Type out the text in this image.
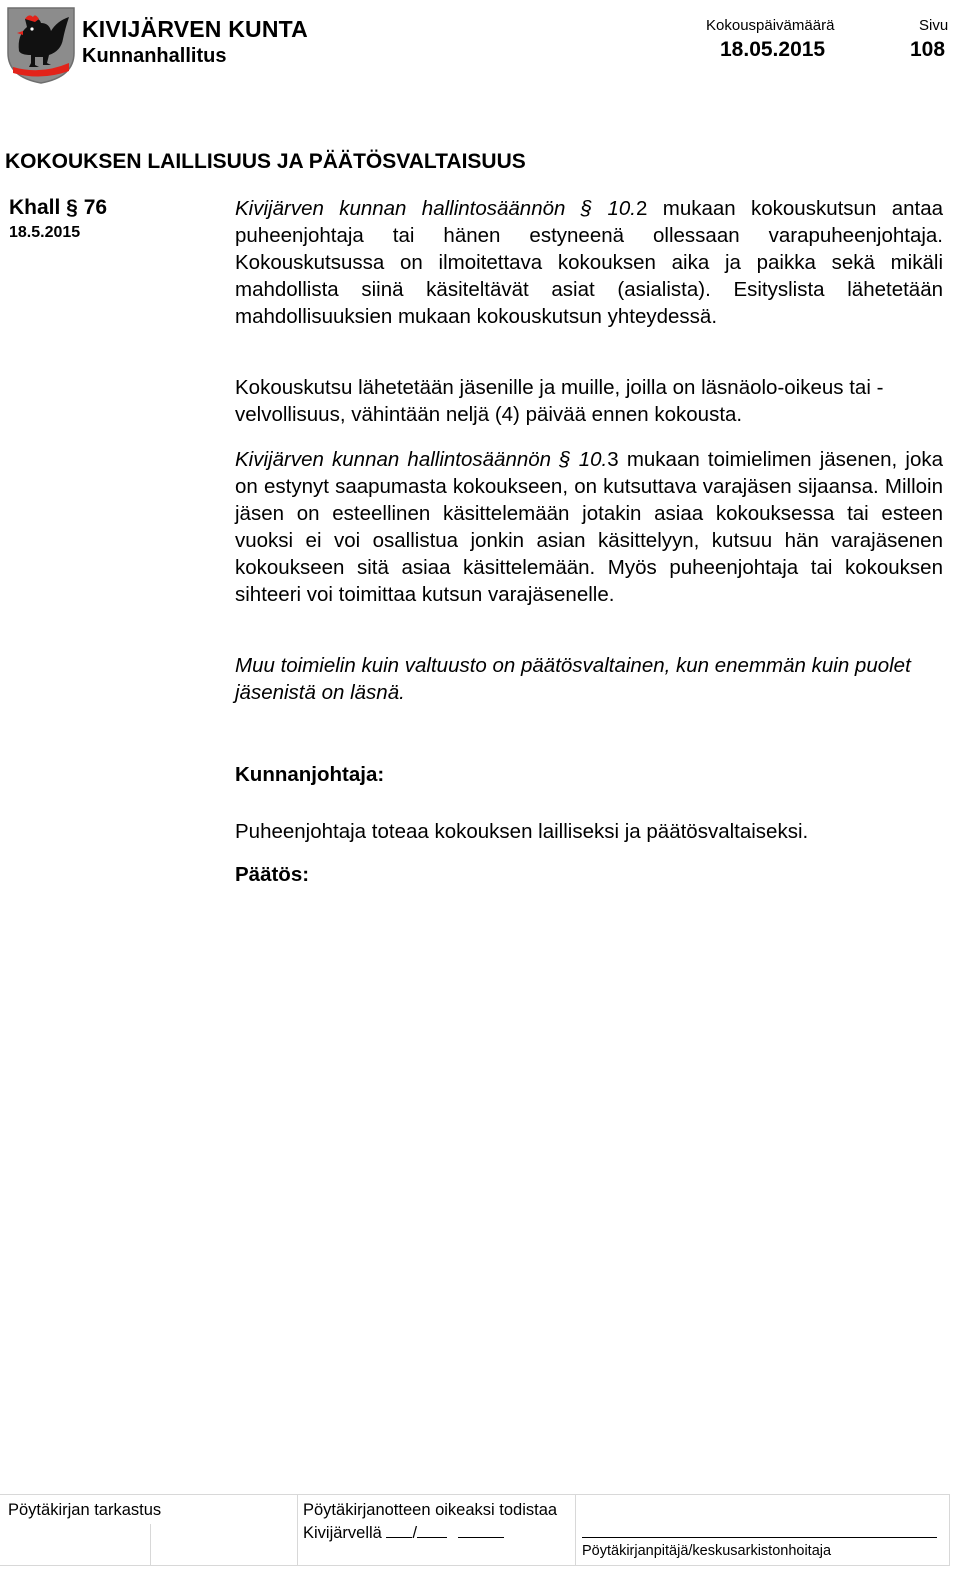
KIVIJÄRVEN KUNTA
Kunnanhallitus
Kokouspäivämäärä
18.05.2015
Sivu
108
KOKOUKSEN LAILLISUUS JA PÄÄTÖSVALTAISUUS
Khall § 76
18.5.2015

Kivijärven kunnan hallintosäännön § 10.2 mukaan kokouskutsun antaa puheenjohtaja tai hänen estyneenä ollessaan varapuheenjohtaja. Kokouskutsussa on ilmoitettava kokouksen aika ja paikka sekä mikäli mahdollista siinä käsiteltävät asiat (asialista). Esityslista lähetetään mahdollisuuksien mukaan kokouskutsun yhteydessä.

Kokouskutsu lähetetään jäsenille ja muille, joilla on läsnäolo-oikeus tai -velvollisuus, vähintään neljä (4) päivää ennen kokousta.

Kivijärven kunnan hallintosäännön § 10.3 mukaan toimielimen jäsenen, joka on estynyt saapumasta kokoukseen, on kutsuttava varajäsen sijaansa. Milloin jäsen on esteellinen käsittelemään jotakin asiaa kokouksessa tai esteen vuoksi ei voi osallistua jonkin asian käsittelyyn, kutsuu hän varajäsenen kokoukseen sitä asiaa käsittelemään. Myös puheenjohtaja tai kokouksen sihteeri voi toimittaa kutsun varajäsenelle.

Muu toimielin kuin valtuusto on päätösvaltainen, kun enemmän kuin puolet jäsenistä on läsnä.

Kunnanjohtaja:
Puheenjohtaja toteaa kokouksen lailliseksi ja päätösvaltaiseksi.
Päätös:
Pöytäkirjan tarkastus	Pöytäkirjanotteen oikeaksi todistaa
Kivijärvellä /
Pöytäkirjanpitäjä/keskusarkistonhoitaja
